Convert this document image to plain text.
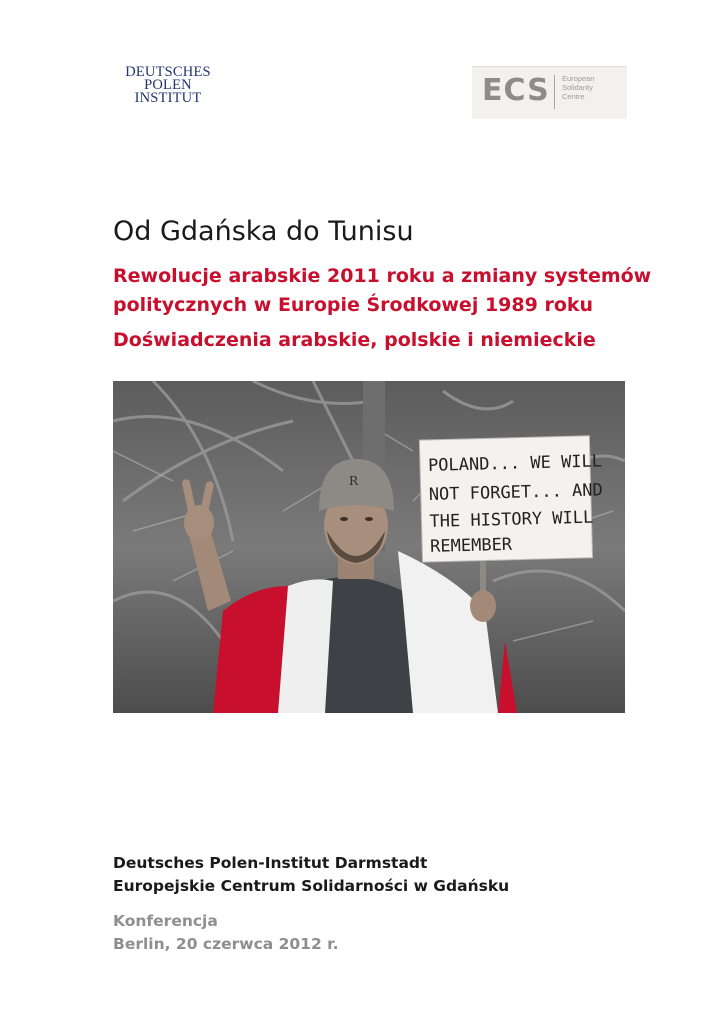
DEUTSCHES
POLEN
INSTITUT	ECS European
Solidarity
Centre
Od Gdańska do Tunisu
Rewolucje arabskie 2011 roku a zmiany systemów
politycznych w Europie Środkowej 1989 roku
Doświadczenia arabskie, polskie i niemieckie
POLAND... WE WILL
NOT FORGET... AND
THE HISTORY WILL
REMEMBER
R
Deutsches Polen-Institut Darmstadt
Europejskie Centrum Solidarności w Gdańsku
Konferencja
Berlin, 20 czerwca 2012 r.
